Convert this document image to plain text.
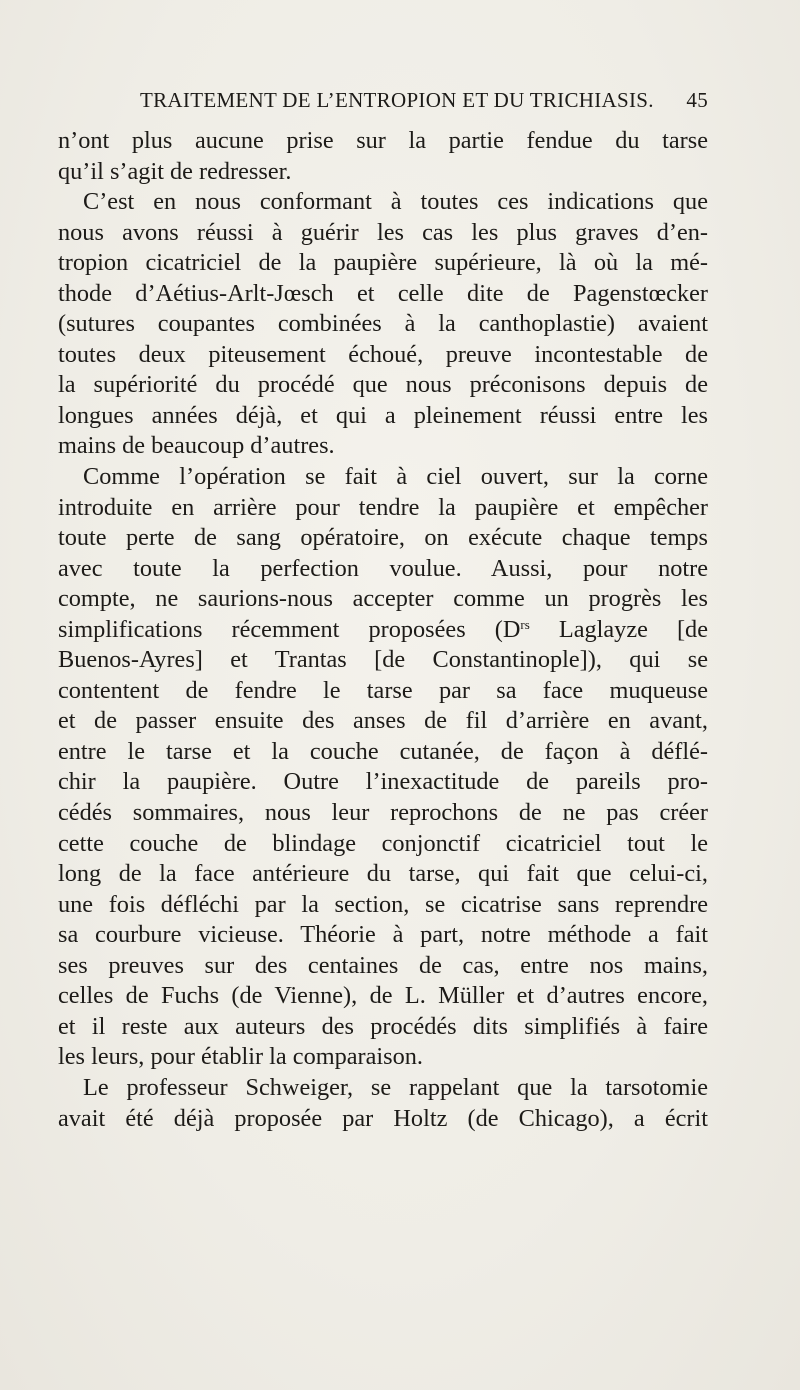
TRAITEMENT DE L’ENTROPION ET DU TRICHIASIS. 45
n’ont plus aucune prise sur la partie fendue du tarse
qu’il s’agit de redresser.
C’est en nous conformant à toutes ces indications que
nous avons réussi à guérir les cas les plus graves d’en-
tropion cicatriciel de la paupière supérieure, là où la mé-
thode d’Aétius-Arlt-Jœsch et celle dite de Pagenstœcker
(sutures coupantes combinées à la canthoplastie) avaient
toutes deux piteusement échoué, preuve incontestable de
la supériorité du procédé que nous préconisons depuis de
longues années déjà, et qui a pleinement réussi entre les
mains de beaucoup d’autres.
Comme l’opération se fait à ciel ouvert, sur la corne
introduite en arrière pour tendre la paupière et empêcher
toute perte de sang opératoire, on exécute chaque temps
avec toute la perfection voulue. Aussi, pour notre
compte, ne saurions-nous accepter comme un progrès les
simplifications récemment proposées ($D^{rs}$ Laglayze [de
Buenos-Ayres] et Trantas [de Constantinople]), qui se
contentent de fendre le tarse par sa face muqueuse
et de passer ensuite des anses de fil d’arrière en avant,
entre le tarse et la couche cutanée, de façon à déflé-
chir la paupière. Outre l’inexactitude de pareils pro-
cédés sommaires, nous leur reprochons de ne pas créer
cette couche de blindage conjonctif cicatriciel tout le
long de la face antérieure du tarse, qui fait que celui-ci,
une fois défléchi par la section, se cicatrise sans reprendre
sa courbure vicieuse. Théorie à part, notre méthode a fait
ses preuves sur des centaines de cas, entre nos mains,
celles de Fuchs (de Vienne), de L. Müller et d’autres encore,
et il reste aux auteurs des procédés dits simplifiés à faire
les leurs, pour établir la comparaison.
Le professeur Schweiger, se rappelant que la tarsotomie
avait été déjà proposée par Holtz (de Chicago), a écrit
